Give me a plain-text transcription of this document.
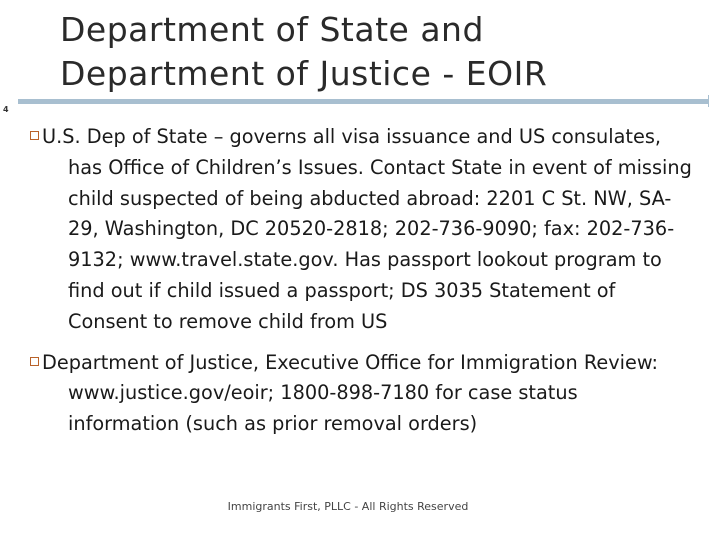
4
Department of State and
Department of Justice - EOIR
U.S. Dep of State – governs all visa issuance and US consulates, has Office of Children’s Issues. Contact State in event of missing child suspected of being abducted abroad: 2201 C St. NW, SA-29, Washington, DC 20520-2818; 202-736-9090; fax: 202-736-9132; www.travel.state.gov. Has passport lookout program to find out if child issued a passport; DS 3035 Statement of Consent to remove child from US
Department of Justice, Executive Office for Immigration Review: www.justice.gov/eoir; 1800-898-7180 for case status information (such as prior removal orders)
Immigrants First, PLLC - All Rights Reserved
